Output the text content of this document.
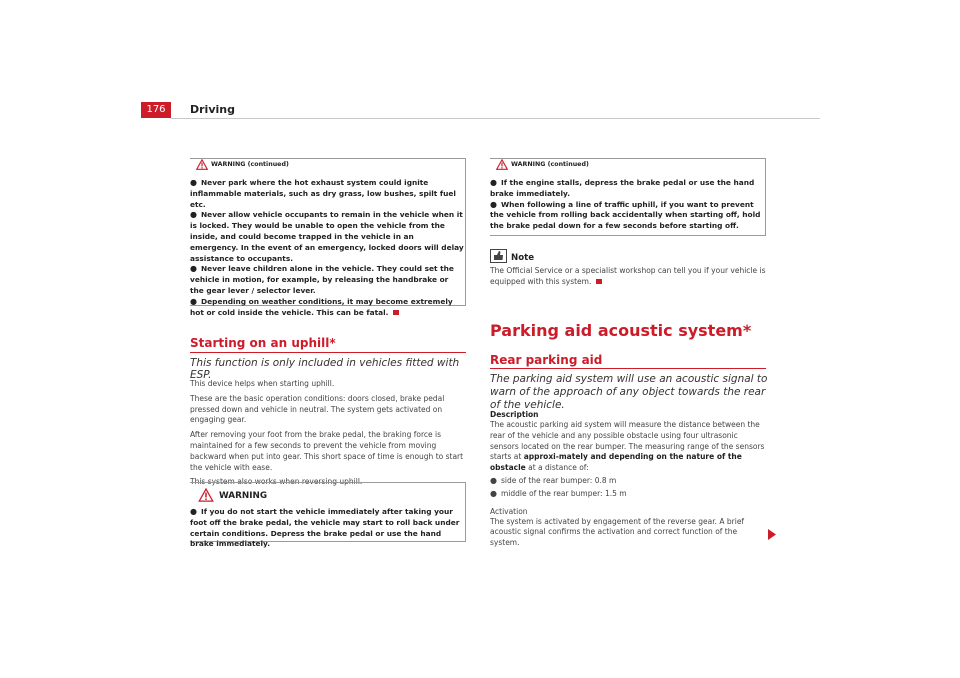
176	Driving
WARNING (continued)

● Never park where the hot exhaust system could ignite inflammable materials, such as dry grass, low bushes, spilt fuel etc.

● Never allow vehicle occupants to remain in the vehicle when it is locked. They would be unable to open the vehicle from the inside, and could become trapped in the vehicle in an emergency. In the event of an emergency, locked doors will delay assistance to occupants.

● Never leave children alone in the vehicle. They could set the vehicle in motion, for example, by releasing the handbrake or the gear lever / selector lever.

● Depending on weather conditions, it may become extremely hot or cold inside the vehicle. This can be fatal.

Starting on an uphill*
This function is only included in vehicles fitted with ESP.

This device helps when starting uphill.

These are the basic operation conditions: doors closed, brake pedal pressed down and vehicle in neutral. The system gets activated on engaging gear.

After removing your foot from the brake pedal, the braking force is maintained for a few seconds to prevent the vehicle from moving backward when put into gear. This short space of time is enough to start the vehicle with ease.

This system also works when reversing uphill.

WARNING

● If you do not start the vehicle immediately after taking your foot off the brake pedal, the vehicle may start to roll back under certain conditions. Depress the brake pedal or use the hand brake immediately.

WARNING (continued)

● If the engine stalls, depress the brake pedal or use the hand brake immediately.

● When following a line of traffic uphill, if you want to prevent the vehicle from rolling back accidentally when starting off, hold the brake pedal down for a few seconds before starting off.

Note

The Official Service or a specialist workshop can tell you if your vehicle is equipped with this system.

Parking aid acoustic system*
Rear parking aid
The parking aid system will use an acoustic signal to warn of the approach of any object towards the rear of the vehicle.
Description

The acoustic parking aid system will measure the distance between the rear of the vehicle and any possible obstacle using four ultrasonic sensors located on the rear bumper. The measuring range of the sensors starts at approxi-mately and depending on the nature of the obstacle at a distance of:

● side of the rear bumper: 0.8 m

● middle of the rear bumper: 1.5 m

Activation

The system is activated by engagement of the reverse gear. A brief acoustic signal confirms the activation and correct function of the system.
